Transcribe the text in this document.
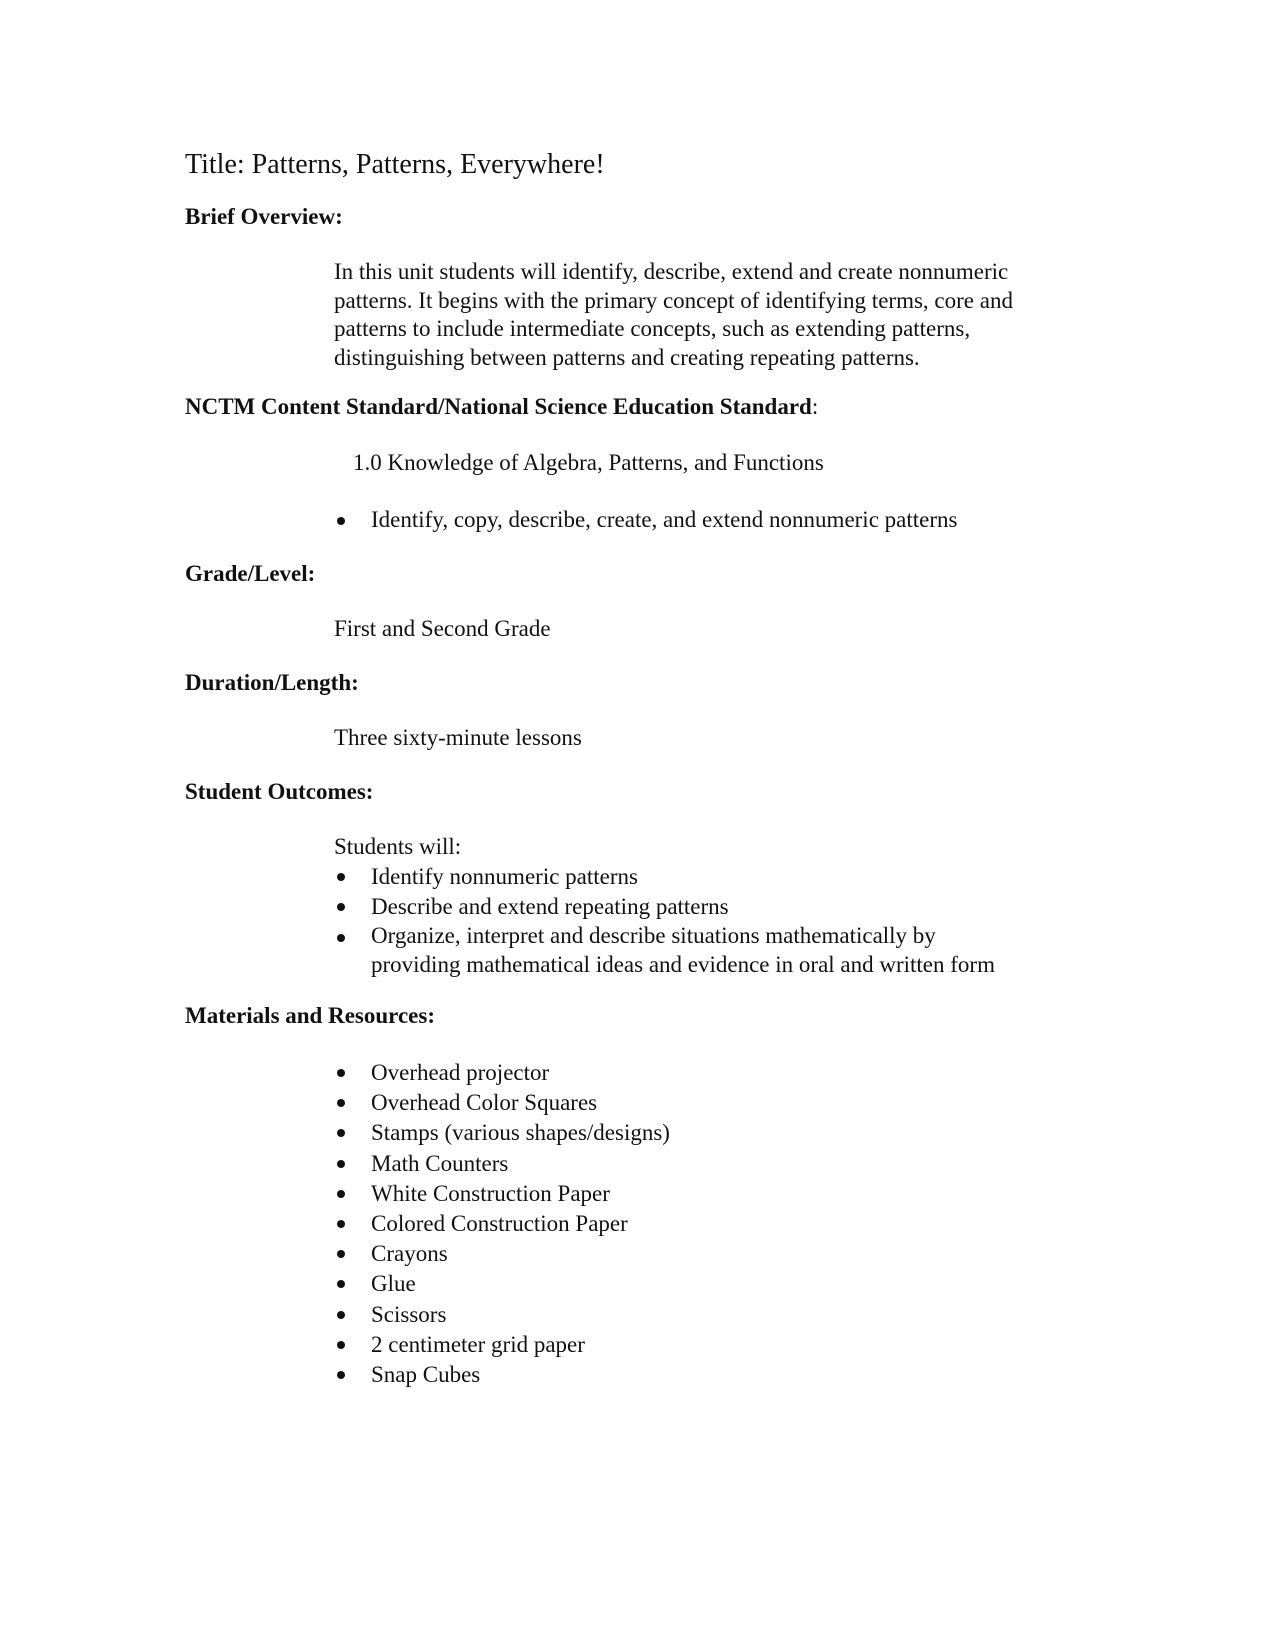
Title: Patterns, Patterns, Everywhere!
Brief Overview:
In this unit students will identify, describe, extend and create nonnumeric
patterns. It begins with the primary concept of identifying terms, core and
patterns to include intermediate concepts, such as extending patterns,
distinguishing between patterns and creating repeating patterns.
NCTM Content Standard/National Science Education Standard:
1.0 Knowledge of Algebra, Patterns, and Functions
Identify, copy, describe, create, and extend nonnumeric patterns
Grade/Level:
First and Second Grade
Duration/Length:
Three sixty-minute lessons
Student Outcomes:
Students will:
Identify nonnumeric patterns
Describe and extend repeating patterns
Organize, interpret and describe situations mathematically by
providing mathematical ideas and evidence in oral and written form
Materials and Resources:
Overhead projector
Overhead Color Squares
Stamps (various shapes/designs)
Math Counters
White Construction Paper
Colored Construction Paper
Crayons
Glue
Scissors
2 centimeter grid paper
Snap Cubes
